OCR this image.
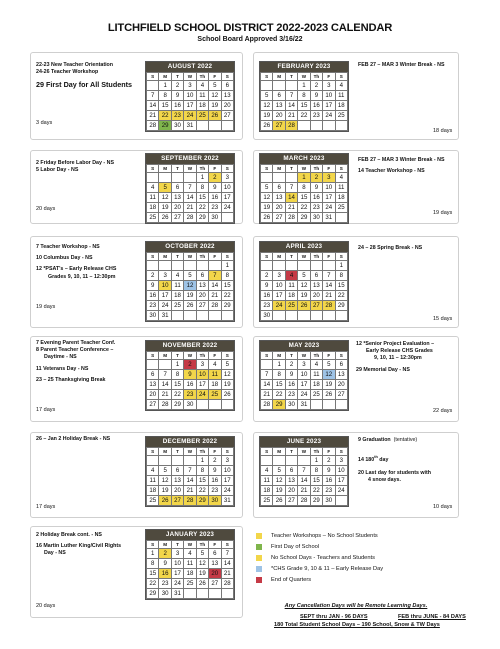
LITCHFIELD SCHOOL DISTRICT 2022-2023 CALENDAR
School Board Approved 3/16/22
AUGUST 2022
S	M	T	W	Th	F	S
	1	2	3	4	5	6
7	8	9	10	11	12	13
14	15	16	17	18	19	20
21	22	23	24	25	26	27
28	29	30	31			
FEBRUARY 2023
S	M	T	W	Th	F	S
			1	2	3	4
5	6	7	8	9	10	11
12	13	14	15	16	17	18
19	20	21	22	23	24	25
26	27	28				
SEPTEMBER 2022
S	M	T	W	Th	F	S
				1	2	3
4	5	6	7	8	9	10
11	12	13	14	15	16	17
18	19	20	21	22	23	24
25	26	27	28	29	30	
MARCH 2023
S	M	T	W	Th	F	S
			1	2	3	4
5	6	7	8	9	10	11
12	13	14	15	16	17	18
19	20	21	22	23	24	25
26	27	28	29	30	31	
OCTOBER 2022
S	M	T	W	Th	F	S
						1
2	3	4	5	6	7	8
9	10	11	12	13	14	15
16	17	18	19	20	21	22
23	24	25	26	27	28	29
30	31					
APRIL 2023
S	M	T	W	Th	F	S
						1
2	3	4	5	6	7	8
9	10	11	12	13	14	15
16	17	18	19	20	21	22
23	24	25	26	27	28	29
30						
NOVEMBER 2022
S	M	T	W	Th	F	S
		1	2	3	4	5
6	7	8	9	10	11	12
13	14	15	16	17	18	19
20	21	22	23	24	25	26
27	28	29	30			
MAY 2023
S	M	T	W	Th	F	S
	1	2	3	4	5	6
7	8	9	10	11	12	13
14	15	16	17	18	19	20
21	22	23	24	25	26	27
28	29	30	31			
DECEMBER 2022
S	M	T	W	Th	F	S
				1	2	3
4	5	6	7	8	9	10
11	12	13	14	15	16	17
18	19	20	21	22	23	24
25	26	27	28	29	30	31
JUNE 2023
S	M	T	W	Th	F	S
				1	2	3
4	5	6	7	8	9	10
11	12	13	14	15	16	17
18	19	20	21	22	23	24
25	26	27	28	29	30	
JANUARY 2023
S	M	T	W	Th	F	S
1	2	3	4	5	6	7
8	9	10	11	12	13	14
15	16	17	18	19	20	21
22	23	24	25	26	27	28
29	30	31				
22-23 New Teacher Orientation
24-26 Teacher Workshop
29 First Day for All Students
3 days
FEB 27 – MAR 3 Winter Break - NS
18 days
2 Friday Before Labor Day - NS
5 Labor Day - NS
20 days
FEB 27 – MAR 3 Winter Break - NS
14 Teacher Workshop - NS
19 days
7 Teacher Workshop - NS
10 Columbus Day - NS
12 *PSAT's – Early Release CHS
Grades 9, 10, 11 – 12:30pm
19 days
24 – 28 Spring Break - NS
15 days
7 Evening Parent Teacher Conf.
8 Parent Teacher Conference –
Daytime - NS
11 Veterans Day - NS
23 – 25 Thanksgiving Break
17 days
12 *Senior Project Evaluation –
Early Release CHS Grades
9, 10, 11 – 12:30pm
29 Memorial Day - NS
22 days
26 – Jan 2 Holiday Break - NS
17 days
9 Graduation (tentative)
14 180th day
20 Last day for students with
4 snow days.
10 days
2 Holiday Break cont. - NS
16 Martin Luther King/Civil Rights
Day - NS
20 days
Teacher Workshops – No School Students
First Day of School
No School Days - Teachers and Students
*CHS Grade 9, 10 & 11 – Early Release Day
End of Quarters
Any Cancellation Days will be Remote Learning Days.
SEPT thru JAN - 96 DAYS	FEB thru JUNE - 84 DAYS
180 Total Student School Days – 190 School, Snow & TW Days
